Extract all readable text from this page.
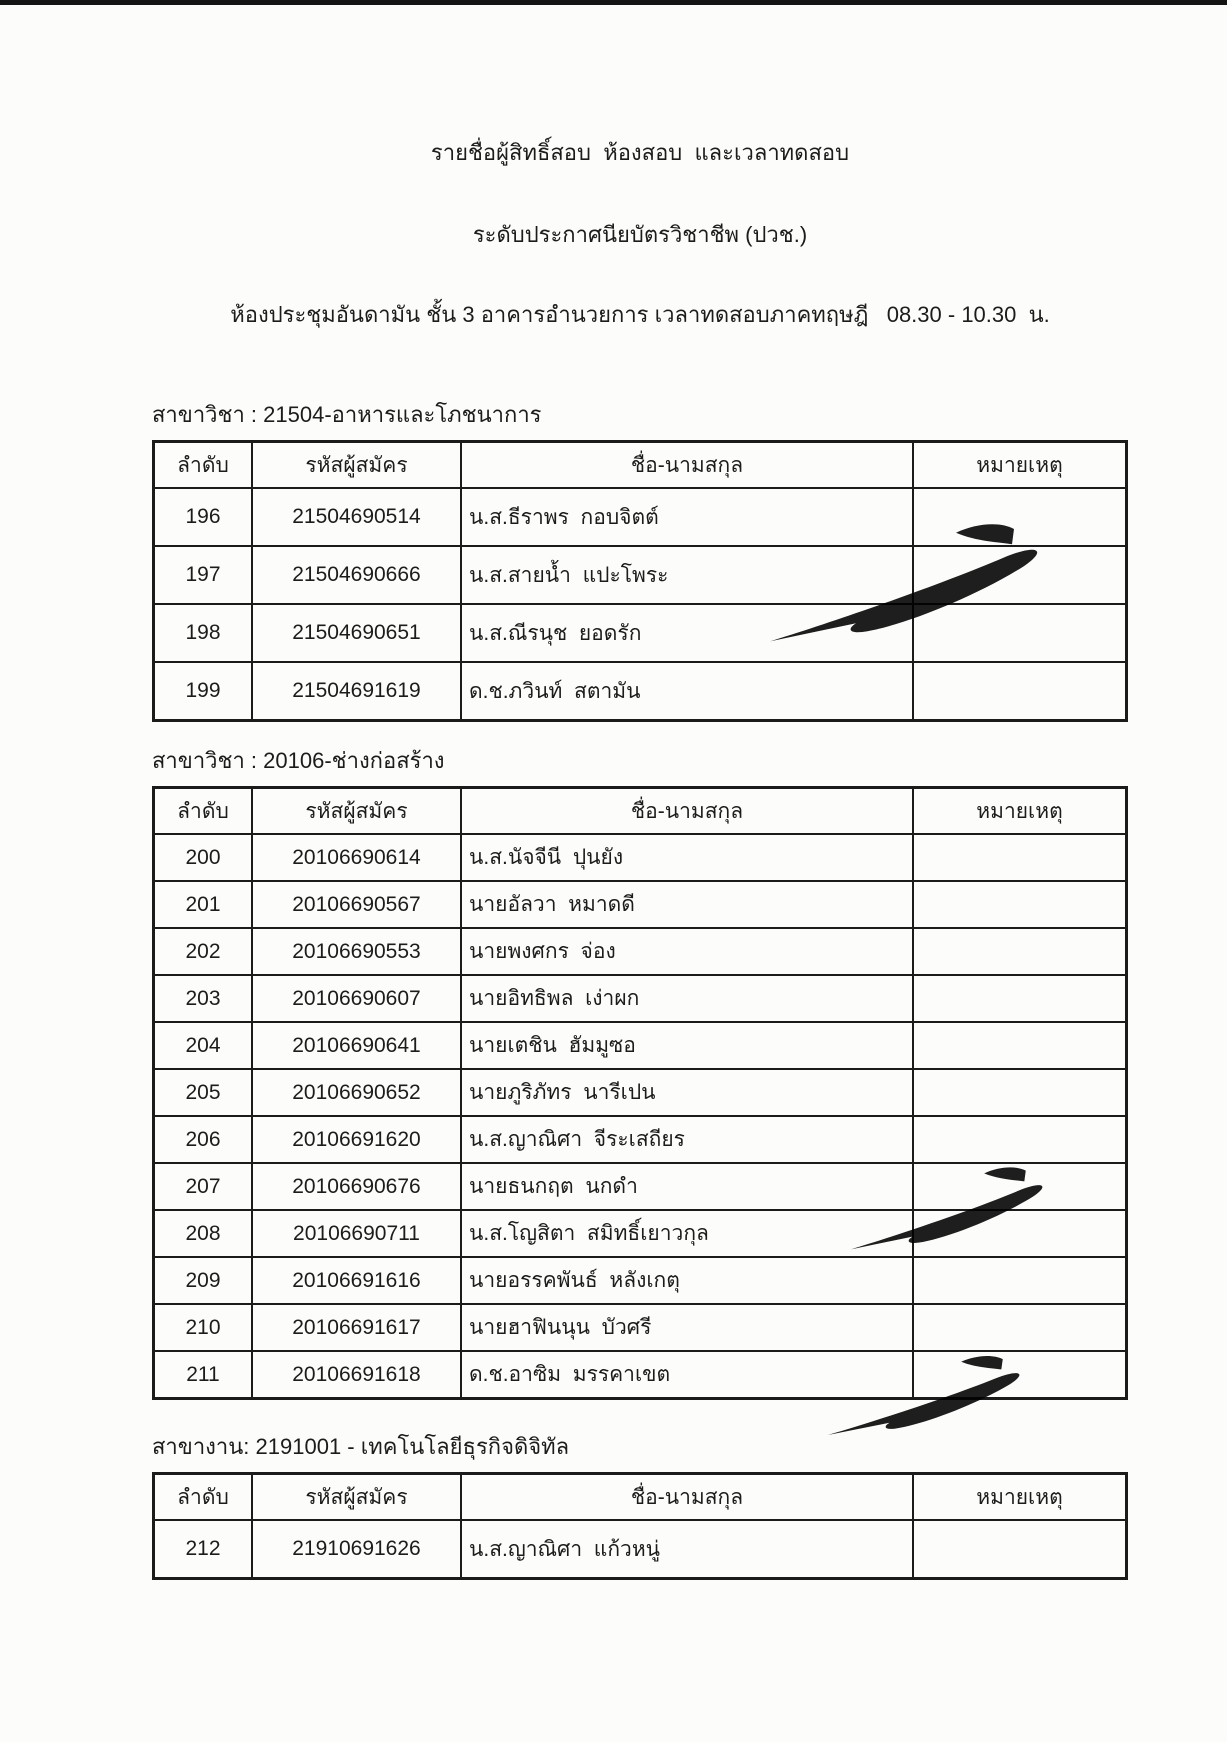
รายชื่อผู้สิทธิ์สอบ  ห้องสอบ  และเวลาทดสอบ

ระดับประกาศนียบัตรวิชาชีพ (ปวช.)

ห้องประชุมอันดามัน ชั้น 3 อาคารอำนวยการ เวลาทดสอบภาคทฤษฎี   08.30 - 10.30  น.

สาขาวิชา : 21504-อาหารและโภชนาการ
ลำดับ	รหัสผู้สมัคร	ชื่อ-นามสกุล	หมายเหตุ
196	21504690514	น.ส.ธีราพร  กอบจิตต์	
197	21504690666	น.ส.สายน้ำ  แปะโพระ	
198	21504690651	น.ส.ณีรนุช  ยอดรัก	
199	21504691619	ด.ช.ภวินท์  สตามัน	
สาขาวิชา : 20106-ช่างก่อสร้าง
ลำดับ	รหัสผู้สมัคร	ชื่อ-นามสกุล	หมายเหตุ
200	20106690614	น.ส.นัจจีนี  ปุนยัง	
201	20106690567	นายอัลวา  หมาดดี	
202	20106690553	นายพงศกร  จ่อง	
203	20106690607	นายอิทธิพล  เง่าผก	
204	20106690641	นายเตชิน  ฮัมมูซอ	
205	20106690652	นายภูริภัทร  นารีเปน	
206	20106691620	น.ส.ญาณิศา  จีระเสถียร	
207	20106690676	นายธนกฤต  นกดำ	
208	20106690711	น.ส.โญสิตา  สมิทธิ์เยาวกุล	
209	20106691616	นายอรรคพันธ์  หลังเกตุ	
210	20106691617	นายฮาฟินนุน  บัวศรี	
211	20106691618	ด.ช.อาซิม  มรรคาเขต	
สาขางาน: 2191001 - เทคโนโลยีธุรกิจดิจิทัล
ลำดับ	รหัสผู้สมัคร	ชื่อ-นามสกุล	หมายเหตุ
212	21910691626	น.ส.ญาณิศา  แก้วหนู่	
